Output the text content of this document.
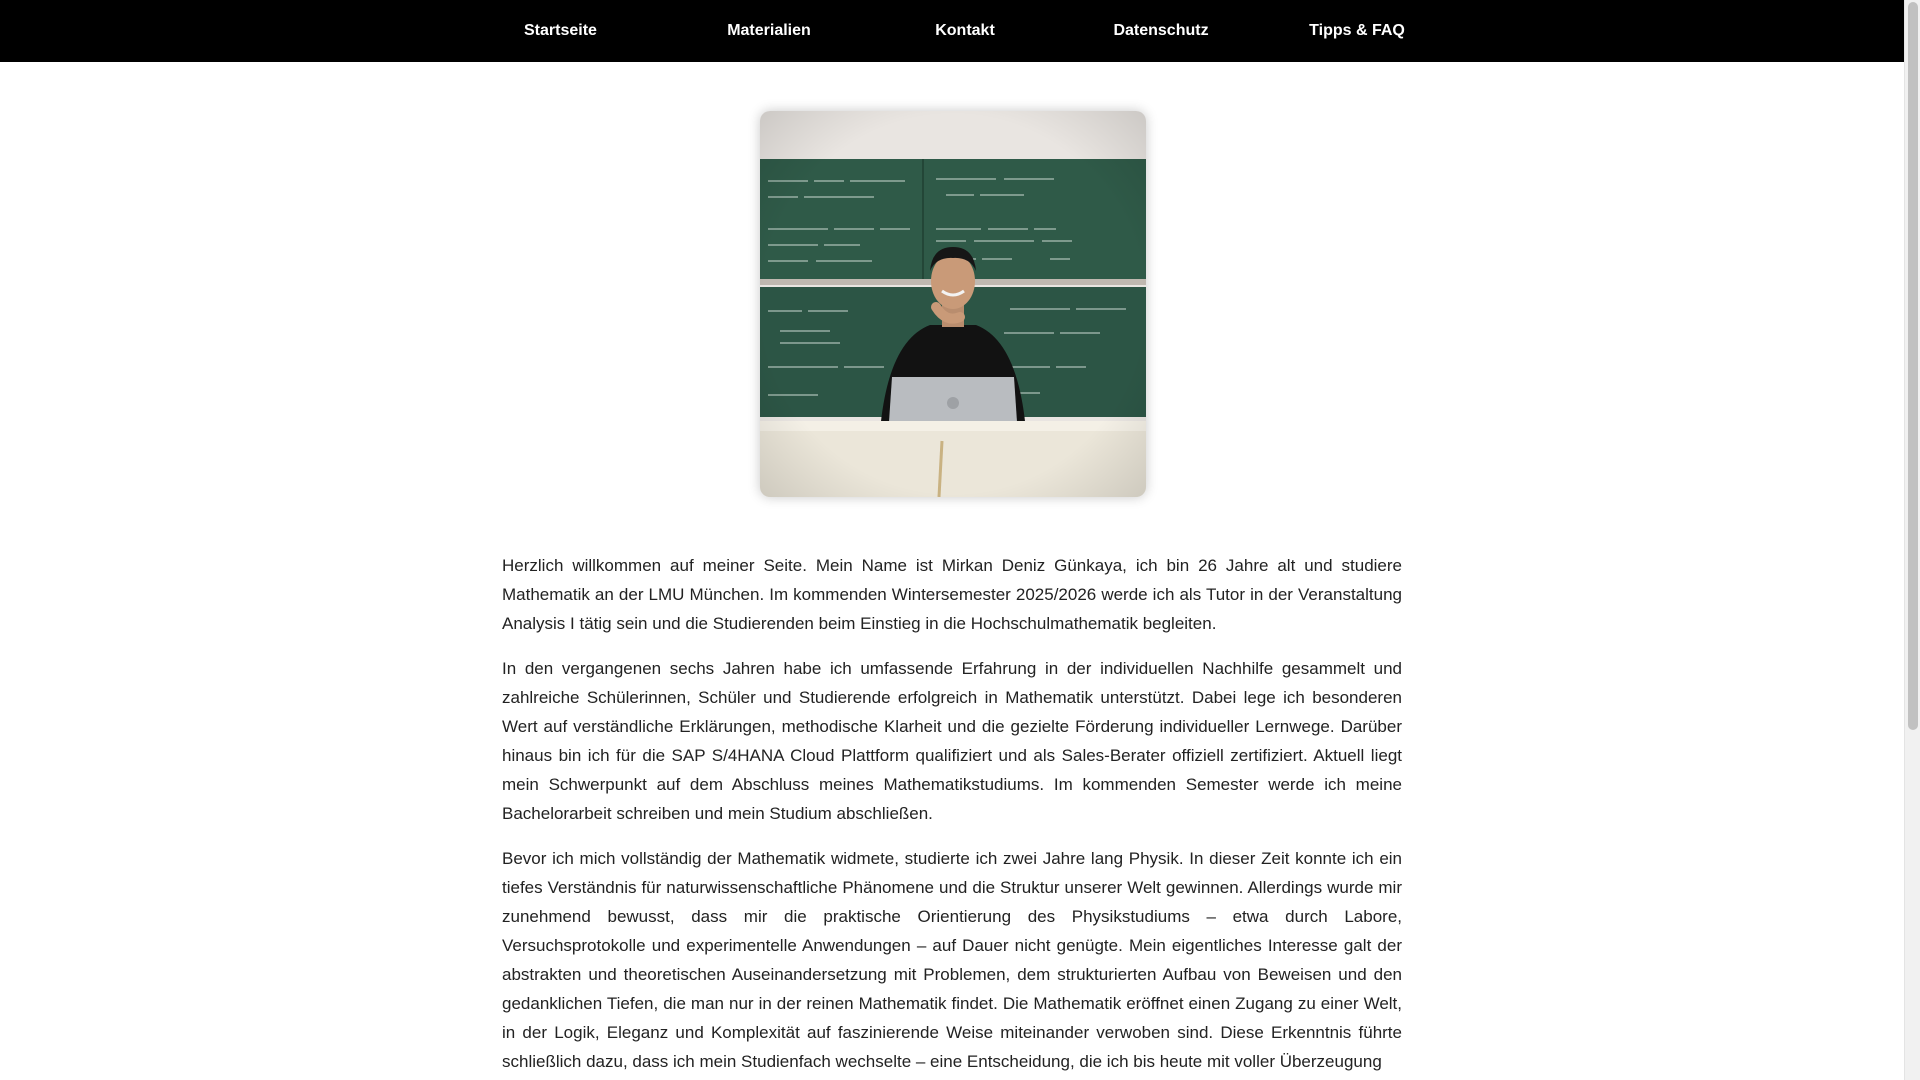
Startseite	Materialien	Kontakt	Datenschutz	Tipps & FAQ

Herzlich willkommen auf meiner Seite. Mein Name ist Mirkan Deniz Günkaya, ich bin 26 Jahre alt und studiere Mathematik an der LMU München. Im kommenden Wintersemester 2025/2026 werde ich als Tutor in der Veranstaltung Analysis I tätig sein und die Studierenden beim Einstieg in die Hochschulmathematik begleiten.

In den vergangenen sechs Jahren habe ich umfassende Erfahrung in der individuellen Nachhilfe gesammelt und zahlreiche Schülerinnen, Schüler und Studierende erfolgreich in Mathematik unterstützt. Dabei lege ich besonderen Wert auf verständliche Erklärungen, methodische Klarheit und die gezielte Förderung individueller Lernwege. Darüber hinaus bin ich für die SAP S/4HANA Cloud Plattform qualifiziert und als Sales-Berater offiziell zertifiziert. Aktuell liegt mein Schwerpunkt auf dem Abschluss meines Mathematikstudiums. Im kommenden Semester werde ich meine Bachelorarbeit schreiben und mein Studium abschließen.

Bevor ich mich vollständig der Mathematik widmete, studierte ich zwei Jahre lang Physik. In dieser Zeit konnte ich ein tiefes Verständnis für naturwissenschaftliche Phänomene und die Struktur unserer Welt gewinnen. Allerdings wurde mir zunehmend bewusst, dass mir die praktische Orientierung des Physikstudiums – etwa durch Labore, Versuchsprotokolle und experimentelle Anwendungen – auf Dauer nicht genügte. Mein eigentliches Interesse galt der abstrakten und theoretischen Auseinandersetzung mit Problemen, dem strukturierten Aufbau von Beweisen und den gedanklichen Tiefen, die man nur in der reinen Mathematik findet. Die Mathematik eröffnet einen Zugang zu einer Welt, in der Logik, Eleganz und Komplexität auf faszinierende Weise miteinander verwoben sind. Diese Erkenntnis führte schließlich dazu, dass ich mein Studienfach wechselte – eine Entscheidung, die ich bis heute mit voller Überzeugung
